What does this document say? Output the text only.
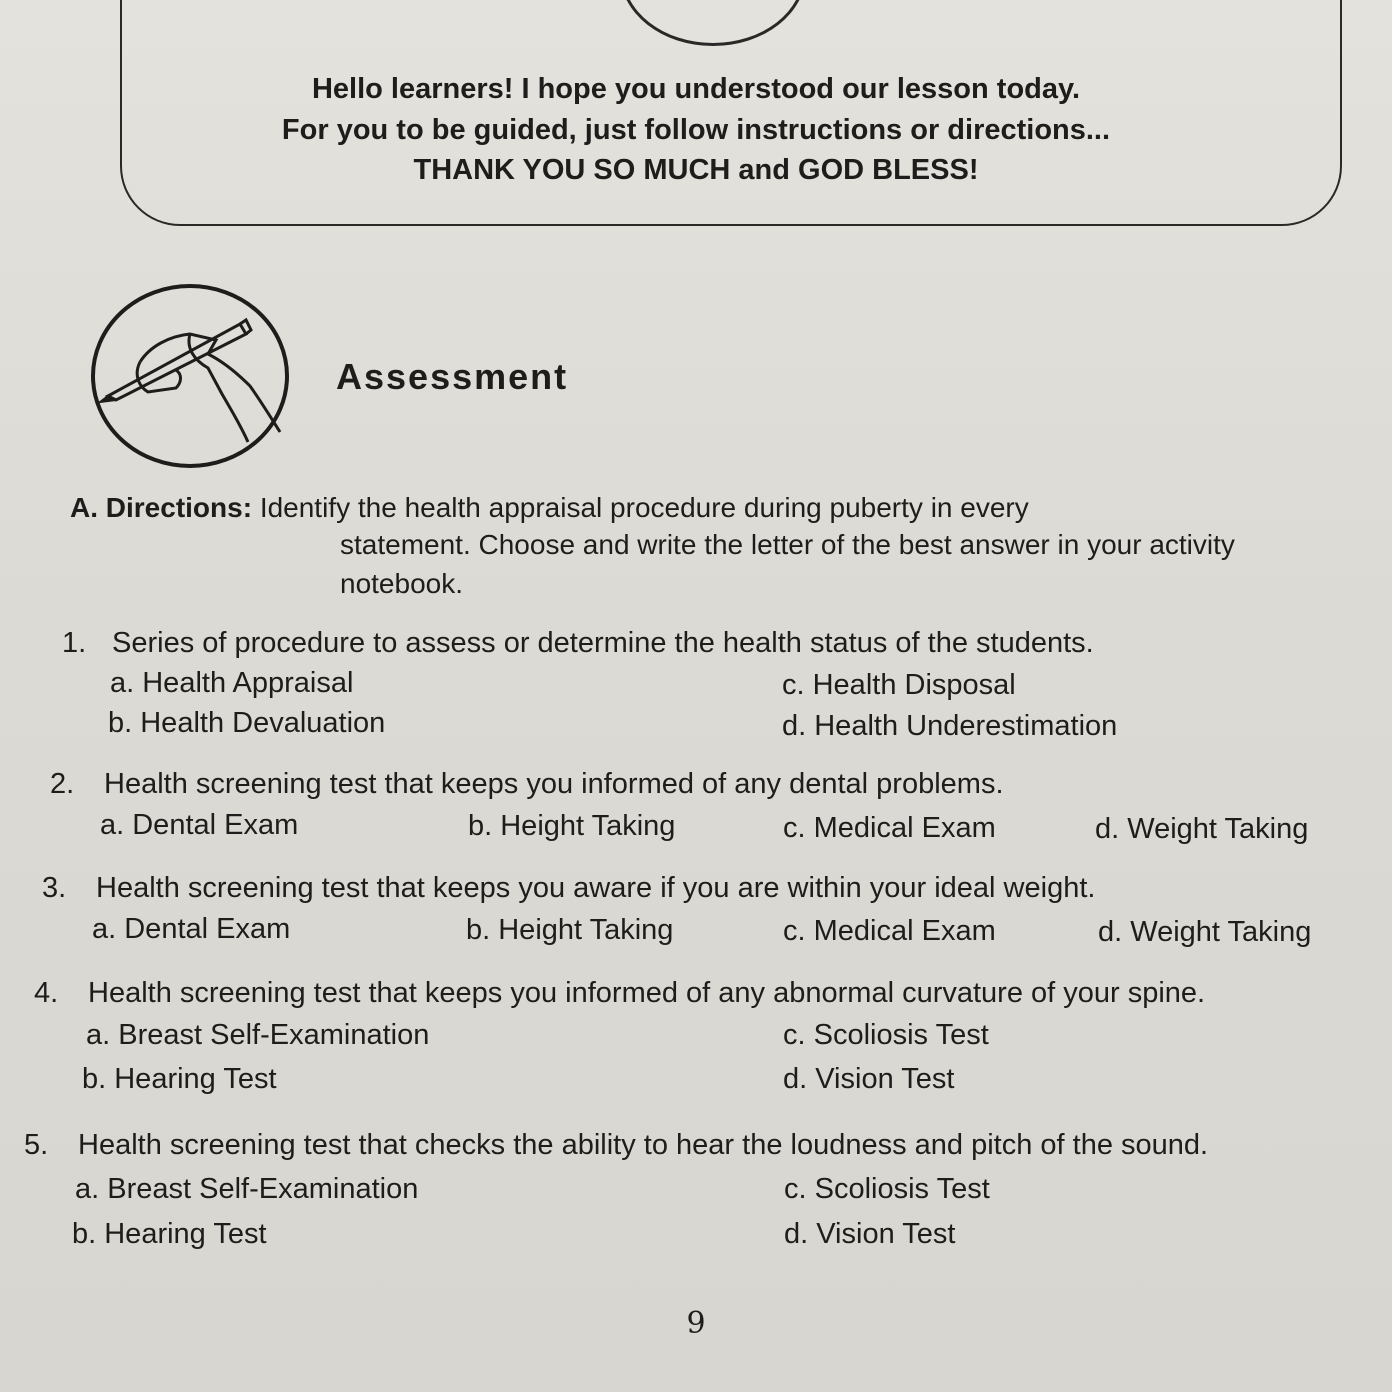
Hello learners! I hope you understood our lesson today.
For you to be guided, just follow instructions or directions...
THANK YOU SO MUCH and GOD BLESS!
Assessment
A. Directions: Identify the health appraisal procedure during puberty in every
statement. Choose and write the letter of the best answer in your activity
notebook.
1. Series of procedure to assess or determine the health status of the students.
a. Health Appraisal
b. Health Devaluation
c. Health Disposal
d. Health Underestimation
2. Health screening test that keeps you informed of any dental problems.
a. Dental Exam	b. Height Taking	c. Medical Exam	d. Weight Taking
3. Health screening test that keeps you aware if you are within your ideal weight.
a. Dental Exam	b. Height Taking	c. Medical Exam	d. Weight Taking
4. Health screening test that keeps you informed of any abnormal curvature of your spine.
a. Breast Self-Examination
b. Hearing Test
c. Scoliosis Test
d. Vision Test
5. Health screening test that checks the ability to hear the loudness and pitch of the sound.
a. Breast Self-Examination
b. Hearing Test
c. Scoliosis Test
d. Vision Test
9
